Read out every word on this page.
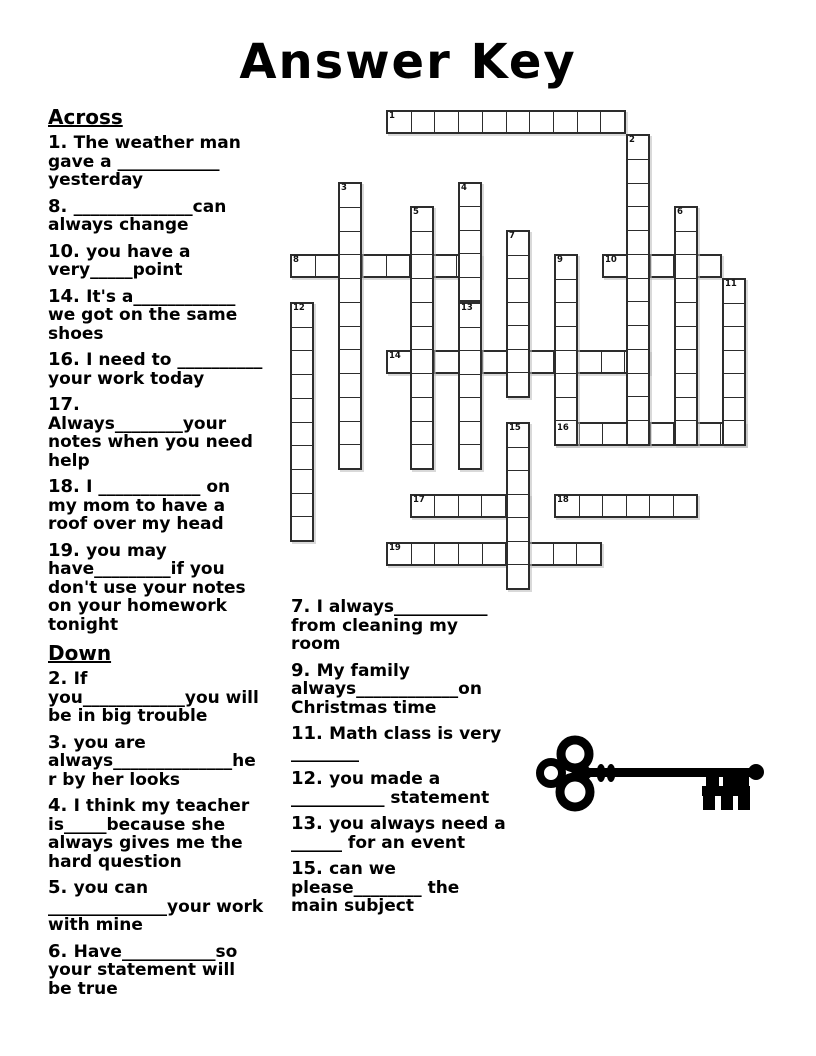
Answer Key
Across
1. The weather man gave a ____________ yesterday
8. ______________can always change
10. you have a very_____point
14. It's a____________ we got on the same shoes
16. I need to __________ your work today
17. Always________your notes when you need help
18. I ____________ on my mom to have a roof over my head
19. you may have_________if you don't use your notes on your homework tonight
Down
2. If you____________you will be in big trouble
3. you are always______________her by her looks
4. I think my teacher is_____because she always gives me the hard question
5. you can ______________your work with mine
6. Have___________so your statement will be true
7. I always___________ from cleaning my room
9. My family always____________on Christmas time
11. Math class is very ________
12. you made a ___________ statement
13. you always need a ______ for an event
15. can we please________ the main subject
1
8	10
14
16
17	18
19
2
3	4
5	6
7
9
11
12	13
15
